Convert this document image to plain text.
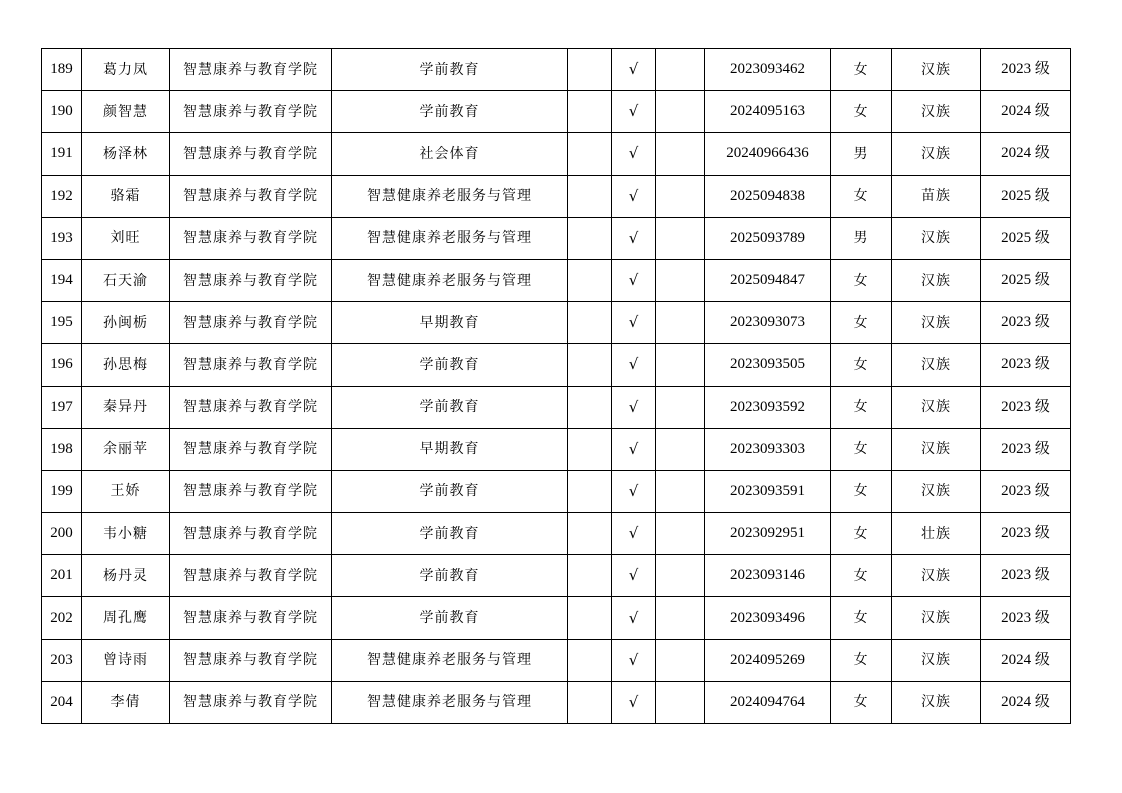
189	葛力凤	智慧康养与教育学院	学前教育		√		2023093462	女	汉族	2023 级
190	颜智慧	智慧康养与教育学院	学前教育		√		2024095163	女	汉族	2024 级
191	杨泽林	智慧康养与教育学院	社会体育		√		20240966436	男	汉族	2024 级
192	骆霜	智慧康养与教育学院	智慧健康养老服务与管理		√		2025094838	女	苗族	2025 级
193	刘旺	智慧康养与教育学院	智慧健康养老服务与管理		√		2025093789	男	汉族	2025 级
194	石天渝	智慧康养与教育学院	智慧健康养老服务与管理		√		2025094847	女	汉族	2025 级
195	孙闽栃	智慧康养与教育学院	早期教育		√		2023093073	女	汉族	2023 级
196	孙思梅	智慧康养与教育学院	学前教育		√		2023093505	女	汉族	2023 级
197	秦异丹	智慧康养与教育学院	学前教育		√		2023093592	女	汉族	2023 级
198	余丽苹	智慧康养与教育学院	早期教育		√		2023093303	女	汉族	2023 级
199	王娇	智慧康养与教育学院	学前教育		√		2023093591	女	汉族	2023 级
200	韦小糖	智慧康养与教育学院	学前教育		√		2023092951	女	壮族	2023 级
201	杨丹灵	智慧康养与教育学院	学前教育		√		2023093146	女	汉族	2023 级
202	周孔鹰	智慧康养与教育学院	学前教育		√		2023093496	女	汉族	2023 级
203	曾诗雨	智慧康养与教育学院	智慧健康养老服务与管理		√		2024095269	女	汉族	2024 级
204	李倩	智慧康养与教育学院	智慧健康养老服务与管理		√		2024094764	女	汉族	2024 级
